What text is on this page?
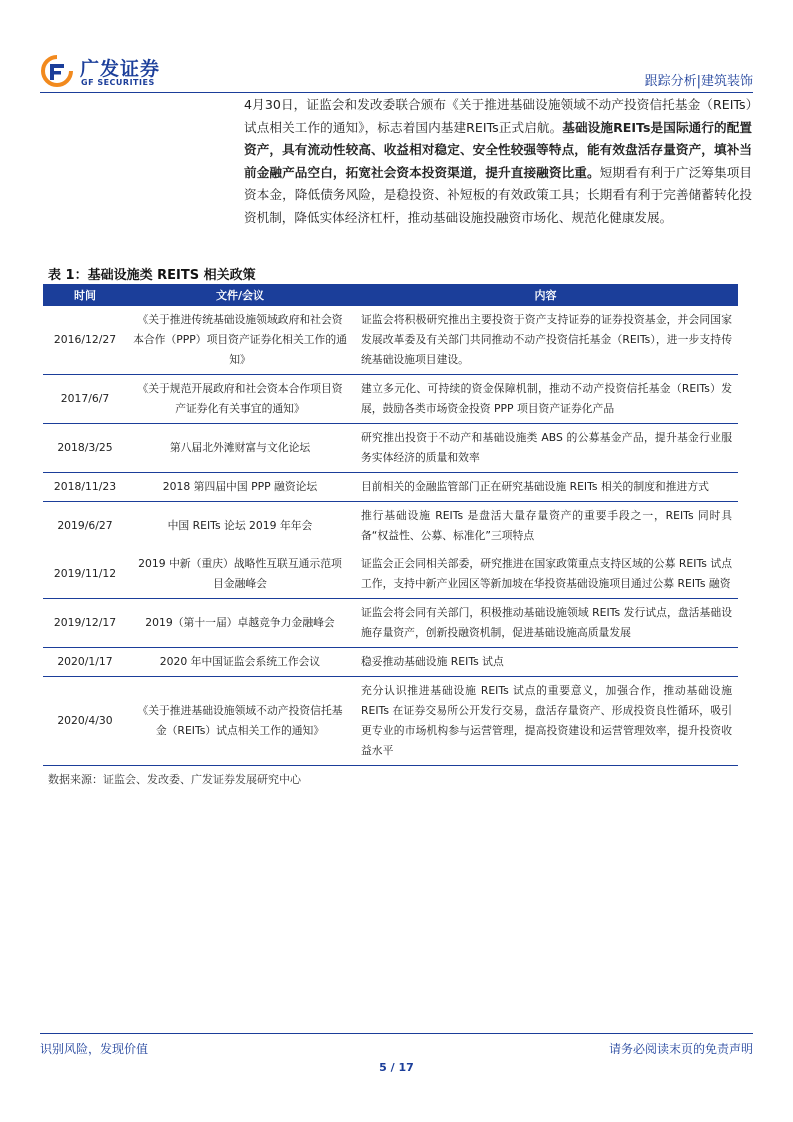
广发证券
GF SECURITIES	跟踪分析|建筑装饰
4月30日，证监会和发改委联合颁布《关于推进基础设施领域不动产投资信托基金（REITs）试点相关工作的通知》，标志着国内基建REITs正式启航。基础设施REITs是国际通行的配置资产，具有流动性较高、收益相对稳定、安全性较强等特点，能有效盘活存量资产，填补当前金融产品空白，拓宽社会资本投资渠道，提升直接融资比重。短期看有利于广泛筹集项目资本金，降低债务风险，是稳投资、补短板的有效政策工具；长期看有利于完善储蓄转化投资机制，降低实体经济杠杆，推动基础设施投融资市场化、规范化健康发展。
表 1：基础设施类 REITS 相关政策
时间	文件/会议	内容
2016/12/27	《关于推进传统基础设施领域政府和社会资本合作（PPP）项目资产证券化相关工作的通知》	证监会将积极研究推出主要投资于资产支持证券的证券投资基金，并会同国家发展改革委及有关部门共同推动不动产投资信托基金（REITs），进一步支持传统基础设施项目建设。
2017/6/7	《关于规范开展政府和社会资本合作项目资产证券化有关事宜的通知》	建立多元化、可持续的资金保障机制，推动不动产投资信托基金（REITs）发展，鼓励各类市场资金投资 PPP 项目资产证券化产品
2018/3/25	第八届北外滩财富与文化论坛	研究推出投资于不动产和基础设施类 ABS 的公募基金产品，提升基金行业服务实体经济的质量和效率
2018/11/23	2018 第四届中国 PPP 融资论坛	目前相关的金融监管部门正在研究基础设施 REITs 相关的制度和推进方式
2019/6/27	中国 REITs 论坛 2019 年年会	推行基础设施 REITs 是盘活大量存量资产的重要手段之一，REITs 同时具备“权益性、公募、标准化”三项特点
2019/11/12	2019 中新（重庆）战略性互联互通示范项目金融峰会	证监会正会同相关部委，研究推进在国家政策重点支持区域的公募 REITs 试点工作，支持中新产业园区等新加坡在华投资基础设施项目通过公募 REITs 融资
2019/12/17	2019（第十一届）卓越竞争力金融峰会	证监会将会同有关部门，积极推动基础设施领域 REITs 发行试点，盘活基础设施存量资产，创新投融资机制，促进基础设施高质量发展
2020/1/17	2020 年中国证监会系统工作会议	稳妥推动基础设施 REITs 试点
2020/4/30	《关于推进基础设施领域不动产投资信托基金（REITs）试点相关工作的通知》	充分认识推进基础设施 REITs 试点的重要意义，加强合作，推动基础设施 REITs 在证券交易所公开发行交易，盘活存量资产、形成投资良性循环，吸引更专业的市场机构参与运营管理，提高投资建设和运营管理效率，提升投资收益水平
数据来源：证监会、发改委、广发证券发展研究中心
识别风险，发现价值	请务必阅读末页的免责声明
5 / 17
